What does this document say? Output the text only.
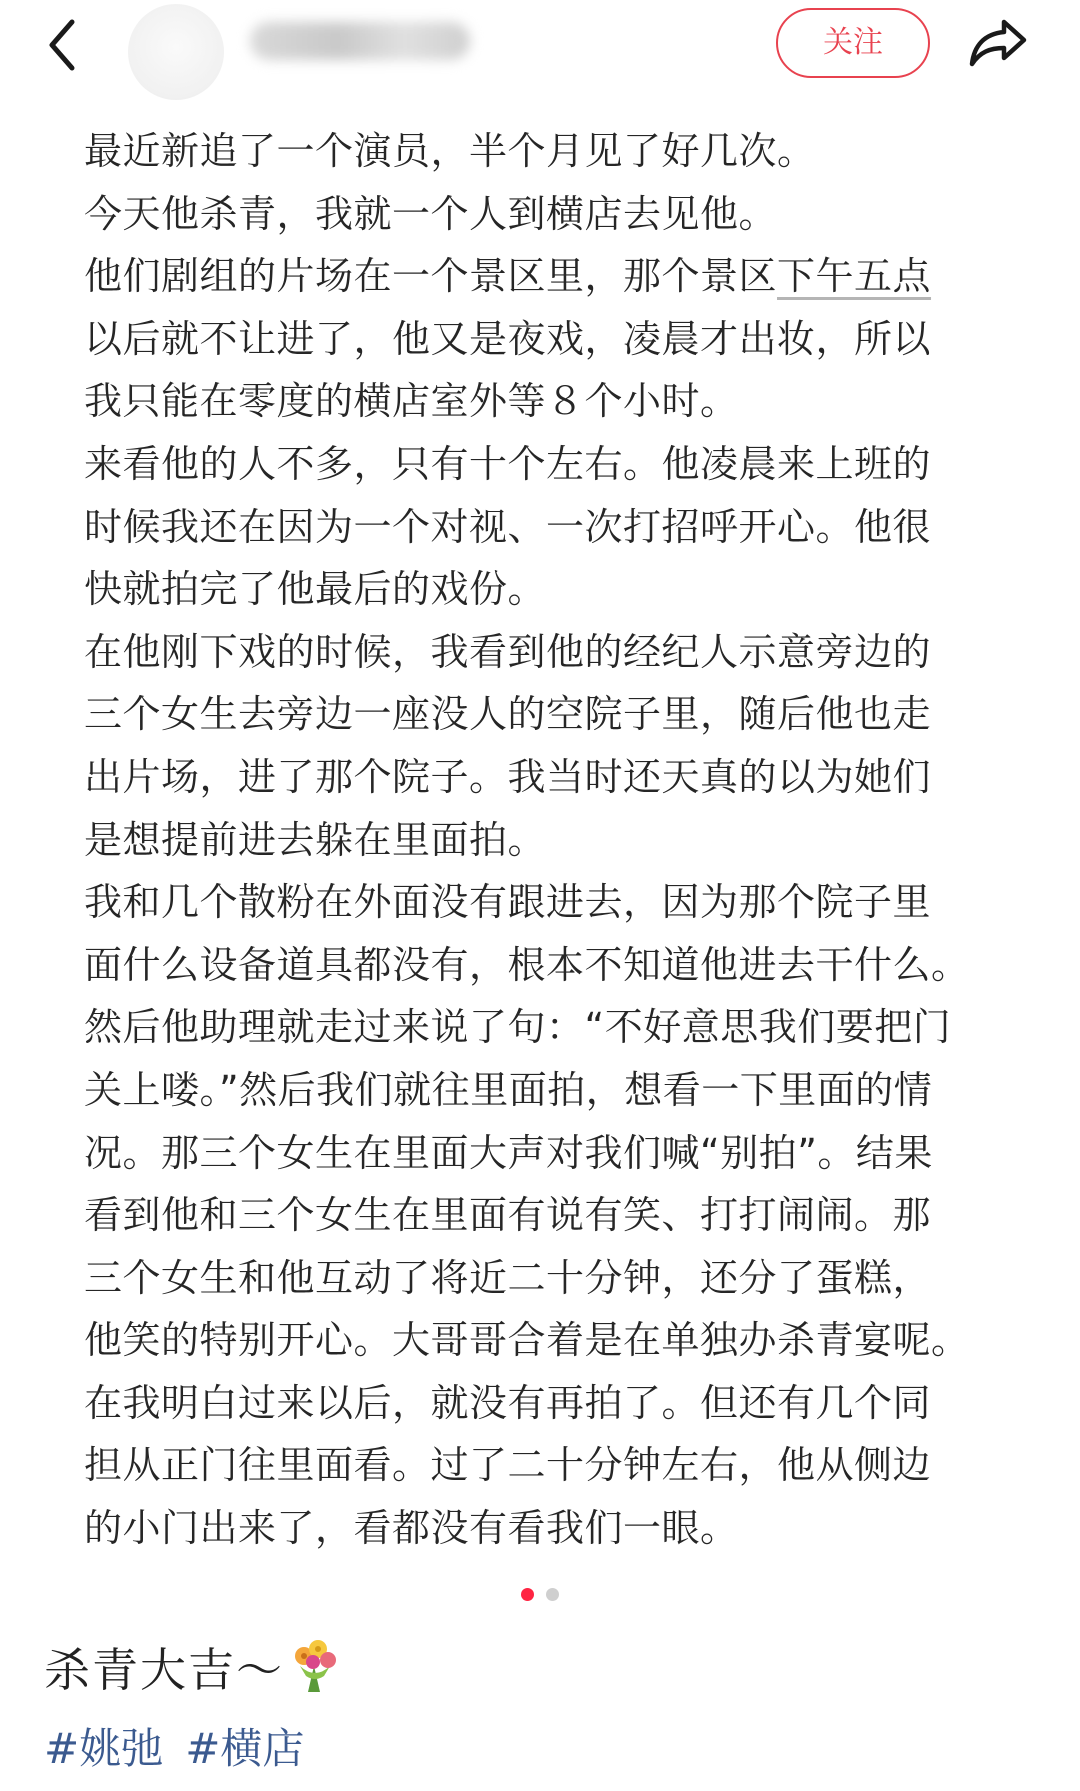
关注

最近新追了一个演员，半个月见了好几次。

今天他杀青，我就一个人到横店去见他。

他们剧组的片场在一个景区里，那个景区下午五点

以后就不让进了，他又是夜戏，凌晨才出妆，所以

我只能在零度的横店室外等８个小时。

来看他的人不多，只有十个左右。他凌晨来上班的

时候我还在因为一个对视、一次打招呼开心。他很

快就拍完了他最后的戏份。

在他刚下戏的时候，我看到他的经纪人示意旁边的

三个女生去旁边一座没人的空院子里，随后他也走

出片场，进了那个院子。我当时还天真的以为她们

是想提前进去躲在里面拍。

我和几个散粉在外面没有跟进去，因为那个院子里

面什么设备道具都没有，根本不知道他进去干什么。

然后他助理就走过来说了句：“不好意思我们要把门

关上喽。”然后我们就往里面拍，想看一下里面的情

况。那三个女生在里面大声对我们喊“别拍”。结果

看到他和三个女生在里面有说有笑、打打闹闹。那

三个女生和他互动了将近二十分钟，还分了蛋糕，

他笑的特别开心。大哥哥合着是在单独办杀青宴呢。

在我明白过来以后，就没有再拍了。但还有几个同

担从正门往里面看。过了二十分钟左右，他从侧边

的小门出来了，看都没有看我们一眼。

杀青大吉～
#姚弛 #横店
